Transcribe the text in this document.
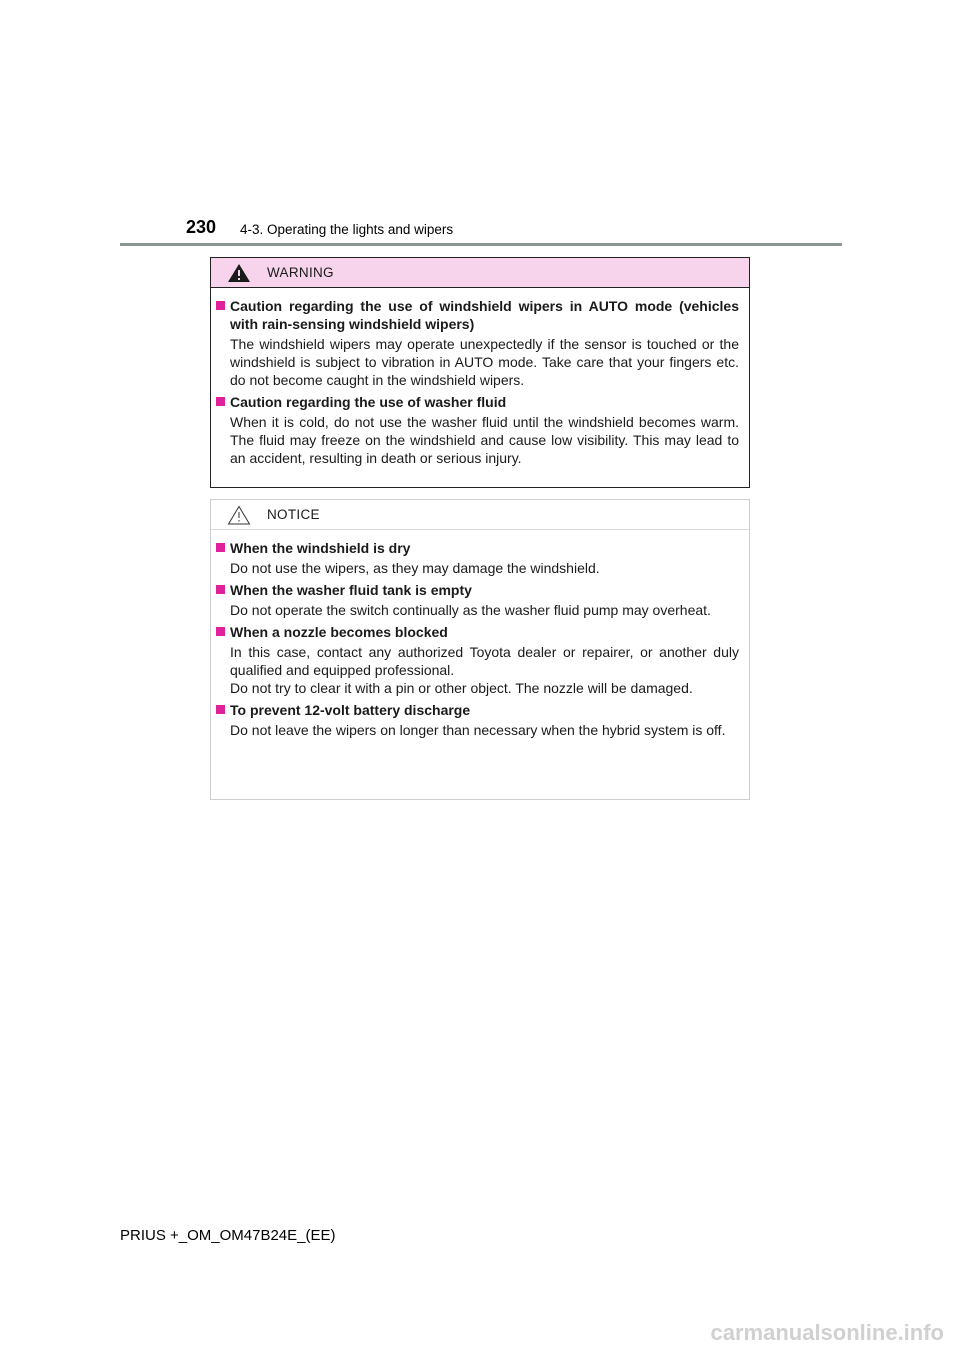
230 4-3. Operating the lights and wipers
WARNING
Caution regarding the use of windshield wipers in AUTO mode (vehicles with rain-sensing windshield wipers)
The windshield wipers may operate unexpectedly if the sensor is touched or the windshield is subject to vibration in AUTO mode. Take care that your fingers etc. do not become caught in the windshield wipers.
Caution regarding the use of washer fluid
When it is cold, do not use the washer fluid until the windshield becomes warm. The fluid may freeze on the windshield and cause low visibility. This may lead to an accident, resulting in death or serious injury.
NOTICE
When the windshield is dry
Do not use the wipers, as they may damage the windshield.
When the washer fluid tank is empty
Do not operate the switch continually as the washer fluid pump may overheat.
When a nozzle becomes blocked
In this case, contact any authorized Toyota dealer or repairer, or another duly qualified and equipped professional.
Do not try to clear it with a pin or other object. The nozzle will be damaged.
To prevent 12-volt battery discharge
Do not leave the wipers on longer than necessary when the hybrid system is off.
PRIUS +_OM_OM47B24E_(EE)
carmanualsonline.info
